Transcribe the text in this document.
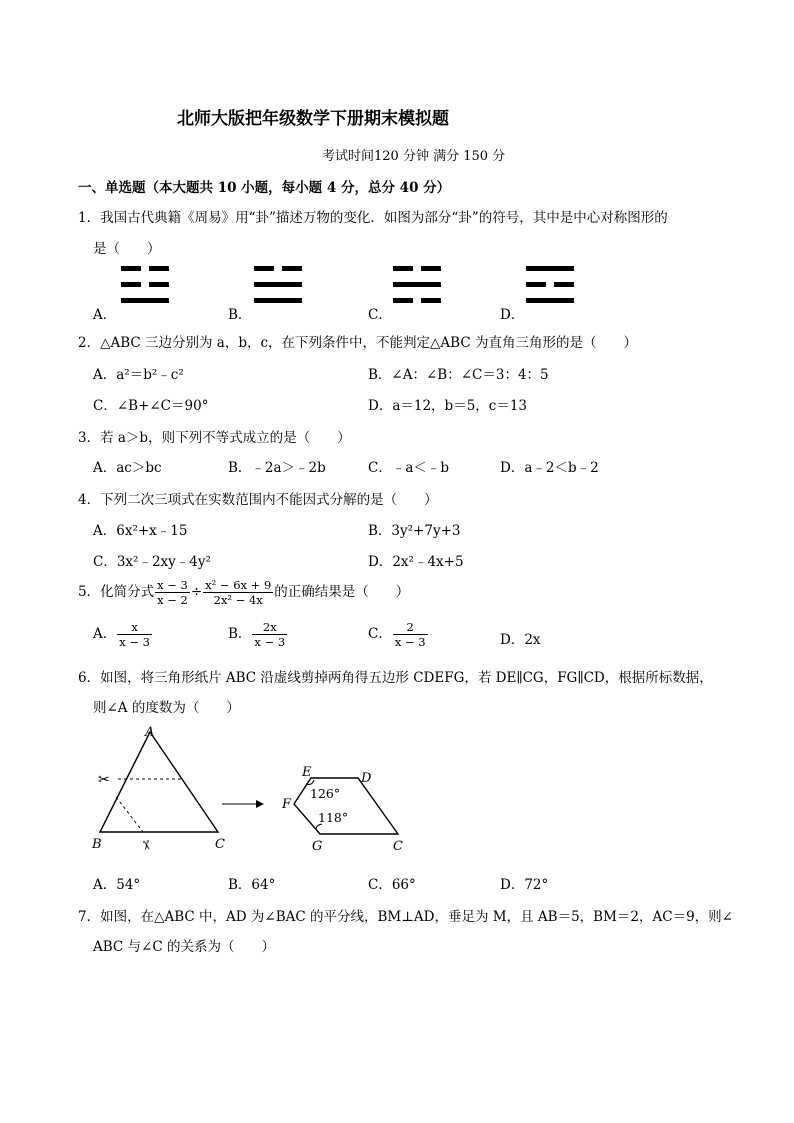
北师大版把年级数学下册期末模拟题
考试时间120 分钟 满分 150 分
一、单选题（本大题共 10 小题，每小题 4 分，总分 40 分）
1．我国古代典籍《周易》用“卦”描述万物的变化．如图为部分“卦”的符号，其中是中心对称图形的
是（　　）
A．	B．	C．	D．
2．△ABC 三边分别为 a，b，c，在下列条件中，不能判定△ABC 为直角三角形的是（　　）
A．a²＝b²﹣c²	B．∠A：∠B：∠C＝3：4：5
C．∠B+∠C＝90°	D．a＝12，b＝5，c＝13
3．若 a＞b，则下列不等式成立的是（　　）
A．ac＞bc	B．﹣2a＞﹣2b	C．﹣a＜﹣b	D．a﹣2＜b﹣2
4．下列二次三项式在实数范围内不能因式分解的是（　　）
A．6x²+x﹣15	B．3y²+7y+3
C．3x²﹣2xy﹣4y²	D．2x²﹣4x+5
5．化简分式 $\frac{x - 3}{x - 2} \div \frac{\text{x² − 6x + 9}}{\text{2x² − 4x}}$ 的正确结果是（　　）
A． $\frac{x}{x - 3}$	B． $\frac{2x}{x - 3}$	C． $\frac{2}{x - 3}$	D．2x
6．如图，将三角形纸片 ABC 沿虚线剪掉两角得五边形 CDEFG，若 DE∥CG，FG∥CD，根据所标数据，
则∠A 的度数为（　　）
A
B	C
✂
✂
E	D
F
G	C
126°
118°
A．54°	B．64°	C．66°	D．72°
7．如图，在△ABC 中，AD 为∠BAC 的平分线，BM⊥AD，垂足为 M，且 AB＝5，BM＝2，AC＝9，则∠
ABC 与∠C 的关系为（　　）
